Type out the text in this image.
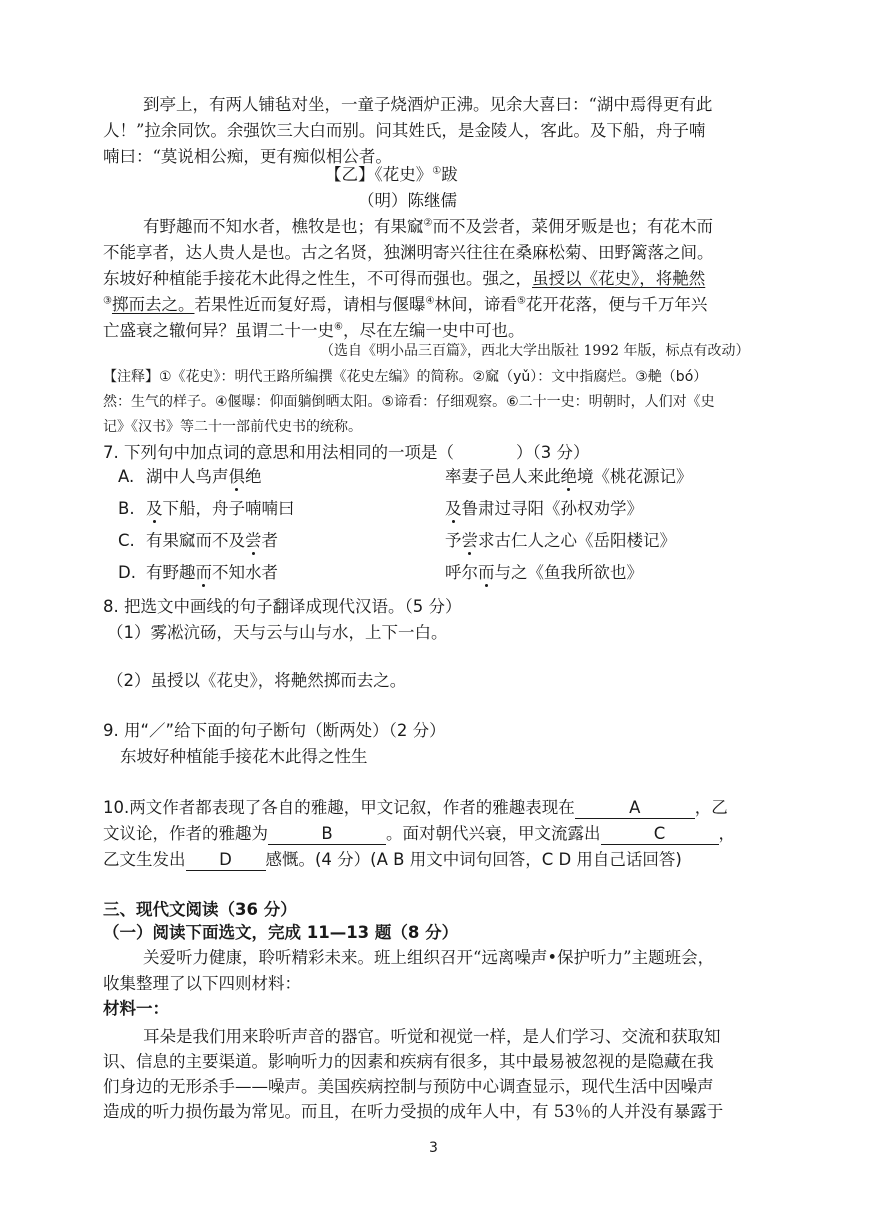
到亭上，有两人铺毡对坐，一童子烧酒炉正沸。见余大喜曰：“湖中焉得更有此
人！”拉余同饮。余强饮三大白而别。问其姓氏，是金陵人，客此。及下船，舟子喃
喃曰：“莫说相公痴，更有痴似相公者。
【乙】《花史》①跋
（明）陈继儒
有野趣而不知水者，樵牧是也；有果窳②而不及尝者，菜佣牙贩是也；有花木而
不能享者，达人贵人是也。古之名贤，独渊明寄兴往往在桑麻松菊、田野篱落之间。
东坡好种植能手接花木此得之性生，不可得而强也。强之，虽授以《花史》，将艴然
③掷而去之。若果性近而复好焉，请相与偃曝④林间，谛看⑤花开花落，便与千万年兴
亡盛衰之辙何异？虽谓二十一史⑥，尽在左编一史中可也。
（选自《明小品三百篇》，西北大学出版社 1992 年版，标点有改动）
【注释】①《花史》：明代王路所编撰《花史左编》的简称。②窳（yǔ）：文中指腐烂。③艴（bó）
然：生气的样子。④偃曝：仰面躺倒晒太阳。⑤谛看：仔细观察。⑥二十一史：明朝时，人们对《史
记》《汉书》等二十一部前代史书的统称。
7. 下列句中加点词的意思和用法相同的一项是（	）（3 分）
A. 湖中人鸟声俱绝	率妻子邑人来此绝境《桃花源记》
B. 及下船，舟子喃喃曰	及鲁肃过寻阳《孙权劝学》
C. 有果窳而不及尝者	予尝求古仁人之心《岳阳楼记》
D. 有野趣而不知水者	呼尔而与之《鱼我所欲也》
8. 把选文中画线的句子翻译成现代汉语。（5 分）
（1）雾凇沆砀，天与云与山与水，上下一白。
（2）虽授以《花史》，将艴然掷而去之。
9. 用“／”给下面的句子断句（断两处）（2 分）
东坡好种植能手接花木此得之性生
10.两文作者都表现了各自的雅趣，甲文记叙，作者的雅趣表现在	A	，乙
文议论，作者的雅趣为	B	。面对朝代兴衰，甲文流露出	C	，
乙文生发出 D 感慨。(4 分）(A B 用文中词句回答，C D 用自己话回答)
三、现代文阅读（36 分）
（一）阅读下面选文，完成 11—13 题（8 分）
关爱听力健康，聆听精彩未来。班上组织召开“远离噪声•保护听力”主题班会，
收集整理了以下四则材料：
材料一：
耳朵是我们用来聆听声音的器官。听觉和视觉一样，是人们学习、交流和获取知
识、信息的主要渠道。影响听力的因素和疾病有很多，其中最易被忽视的是隐藏在我
们身边的无形杀手——噪声。美国疾病控制与预防中心调查显示，现代生活中因噪声
造成的听力损伤最为常见。而且，在听力受损的成年人中，有 53％的人并没有暴露于
3
